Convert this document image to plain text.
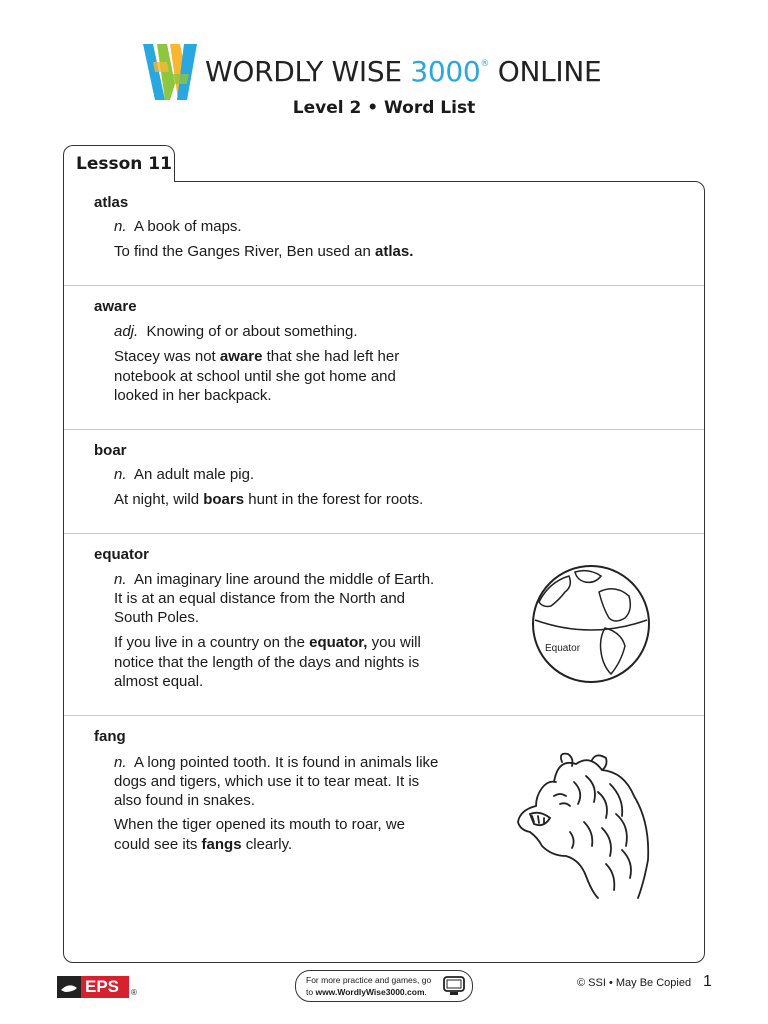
WORDLY WISE 3000® ONLINE
Level 2 • Word List
Lesson 11
atlas
n. A book of maps.
To find the Ganges River, Ben used an atlas.
aware
adj. Knowing of or about something.
Stacey was not aware that she had left her
notebook at school until she got home and
looked in her backpack.
boar
n. An adult male pig.
At night, wild boars hunt in the forest for roots.
equator
n. An imaginary line around the middle of Earth.
It is at an equal distance from the North and
South Poles.
If you live in a country on the equator, you will
notice that the length of the days and nights is
almost equal.
Equator
fang
n. A long pointed tooth. It is found in animals like
dogs and tigers, which use it to tear meat. It is
also found in snakes.
When the tiger opened its mouth to roar, we
could see its fangs clearly.
EPS ®
For more practice and games, go
to www.WordlyWise3000.com.
© SSI • May Be Copied 1
